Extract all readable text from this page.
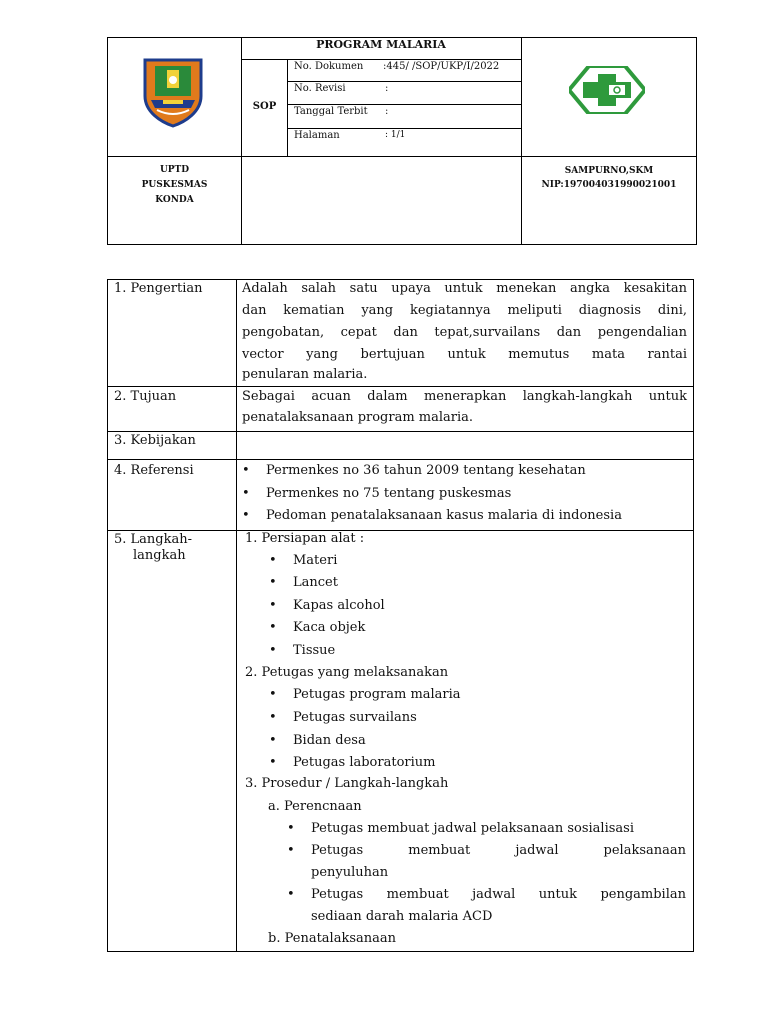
PROGRAM MALARIA
SOP
No. Dokumen :445/ /SOP/UKP/I/2022
No. Revisi	:
Tanggal Terbit :
Halaman	: 1/1
UPTD
PUSKESMAS
KONDA
SAMPURNO,SKM
NIP:197004031990021001
1. Pengertian	Adalah salah satu upaya untuk menekan angka kesakitan
dan kematian yang kegiatannya meliputi diagnosis dini,
pengobatan, cepat dan tepat,survailans dan pengendalian
vector yang bertujuan untuk memutus mata rantai
penularan malaria.
2. Tujuan	Sebagai acuan dalam menerapkan langkah-langkah untuk
penatalaksanaan program malaria.
3. Kebijakan
4. Referensi
•	Permenkes no 36 tahun 2009 tentang kesehatan
• Permenkes no 75 tentang puskesmas
• Pedoman penatalaksanaan kasus malaria di indonesia
5. Langkah-
langkah
1. Persiapan alat :
• Materi
• Lancet
• Kapas alcohol
• Kaca objek
• Tissue
2. Petugas yang melaksanakan
• Petugas program malaria
• Petugas survailans
• Bidan desa
• Petugas laboratorium
3. Prosedur / Langkah-langkah
a. Perencnaan
• Petugas membuat jadwal pelaksanaan sosialisasi
• Petugas membuat jadwal pelaksanaan
penyuluhan
• Petugas membuat jadwal untuk pengambilan
sediaan darah malaria ACD
b. Penatalaksanaan
